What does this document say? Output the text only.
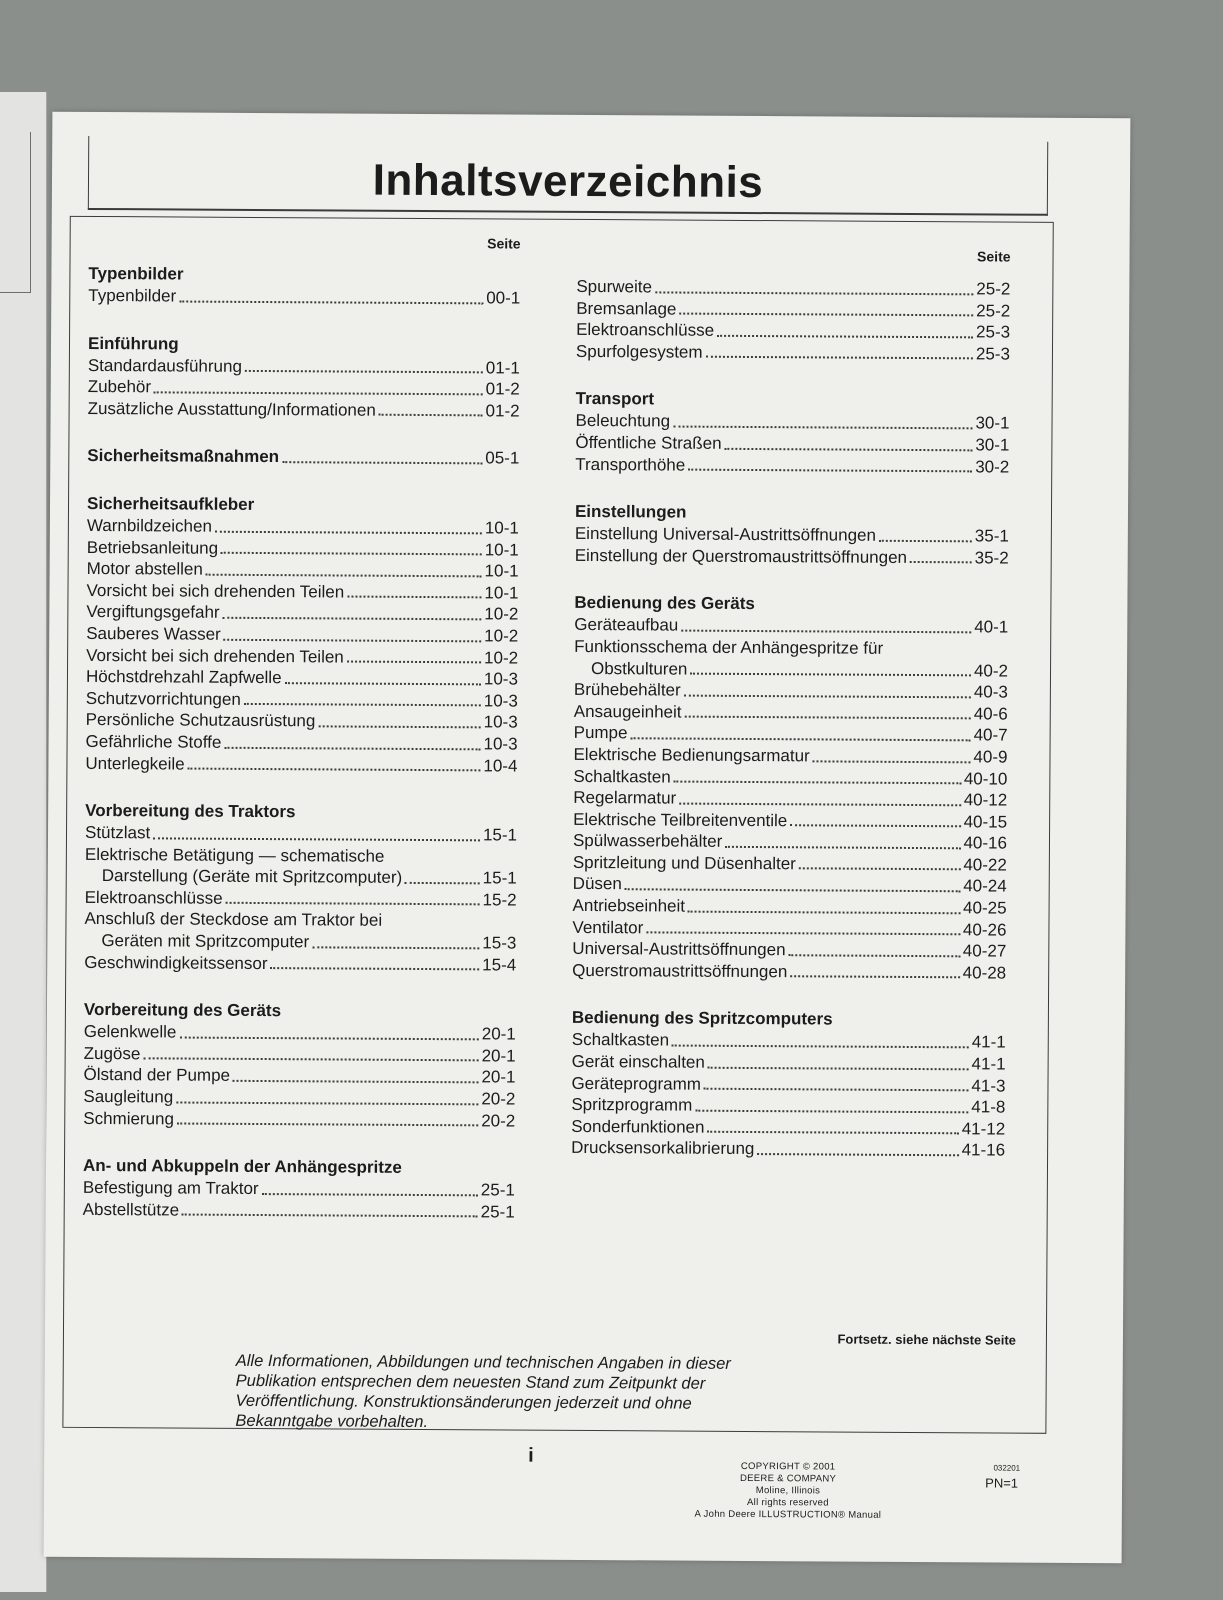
Inhaltsverzeichnis
Seite
Typenbilder
Typenbilder	00-1
Einführung
Standardausführung	01-1
Zubehör	01-2
Zusätzliche Ausstattung/Informationen	01-2
Sicherheitsmaßnahmen	05-1
Sicherheitsaufkleber
Warnbildzeichen	10-1
Betriebsanleitung	10-1
Motor abstellen	10-1
Vorsicht bei sich drehenden Teilen	10-1
Vergiftungsgefahr	10-2
Sauberes Wasser	10-2
Vorsicht bei sich drehenden Teilen	10-2
Höchstdrehzahl Zapfwelle	10-3
Schutzvorrichtungen	10-3
Persönliche Schutzausrüstung	10-3
Gefährliche Stoffe	10-3
Unterlegkeile	10-4
Vorbereitung des Traktors
Stützlast	15-1
Elektrische Betätigung — schematische
Darstellung (Geräte mit Spritzcomputer)	15-1
Elektroanschlüsse	15-2
Anschluß der Steckdose am Traktor bei
Geräten mit Spritzcomputer	15-3
Geschwindigkeitssensor	15-4
Vorbereitung des Geräts
Gelenkwelle	20-1
Zugöse	20-1
Ölstand der Pumpe	20-1
Saugleitung	20-2
Schmierung	20-2
An- und Abkuppeln der Anhängespritze
Befestigung am Traktor	25-1
Abstellstütze	25-1
Seite
Spurweite	25-2
Bremsanlage	25-2
Elektroanschlüsse	25-3
Spurfolgesystem	25-3
Transport
Beleuchtung	30-1
Öffentliche Straßen	30-1
Transporthöhe	30-2
Einstellungen
Einstellung Universal-Austrittsöffnungen	35-1
Einstellung der Querstromaustrittsöffnungen	35-2
Bedienung des Geräts
Geräteaufbau	40-1
Funktionsschema der Anhängespritze für
Obstkulturen	40-2
Brühebehälter	40-3
Ansaugeinheit	40-6
Pumpe	40-7
Elektrische Bedienungsarmatur	40-9
Schaltkasten	40-10
Regelarmatur	40-12
Elektrische Teilbreitenventile	40-15
Spülwasserbehälter	40-16
Spritzleitung und Düsenhalter	40-22
Düsen	40-24
Antriebseinheit	40-25
Ventilator	40-26
Universal-Austrittsöffnungen	40-27
Querstromaustrittsöffnungen	40-28
Bedienung des Spritzcomputers
Schaltkasten	41-1
Gerät einschalten	41-1
Geräteprogramm	41-3
Spritzprogramm	41-8
Sonderfunktionen	41-12
Drucksensorkalibrierung	41-16
Fortsetz. siehe nächste Seite
Alle Informationen, Abbildungen und technischen Angaben in dieser
Publikation entsprechen dem neuesten Stand zum Zeitpunkt der
Veröffentlichung. Konstruktionsänderungen jederzeit und ohne
Bekanntgabe vorbehalten.
COPYRIGHT © 2001
DEERE & COMPANY
Moline, Illinois
All rights reserved
A John Deere ILLUSTRUCTION® Manual
i
032201
PN=1
